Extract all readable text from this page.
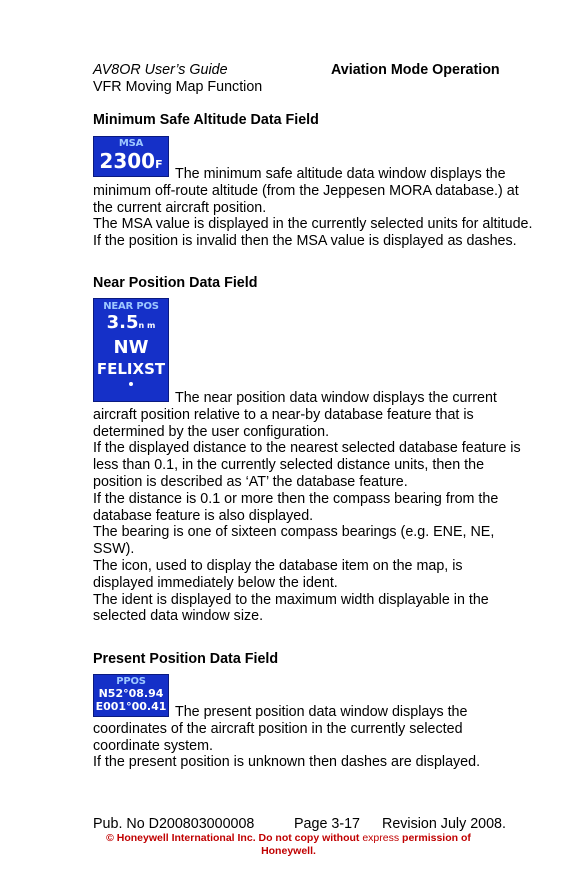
AV8OR User’s Guide	Aviation Mode Operation
VFR Moving Map Function
Minimum Safe Altitude Data Field
MSA
2300F
The minimum safe altitude data window displays the
minimum off-route altitude (from the Jeppesen MORA database.) at
the current aircraft position.
The MSA value is displayed in the currently selected units for altitude.
If the position is invalid then the MSA value is displayed as dashes.
Near Position Data Field
NEAR POS
3.5n m
NW
FELIXST
The near position data window displays the current
aircraft position relative to a near-by database feature that is
determined by the user configuration.
If the displayed distance to the nearest selected database feature is
less than 0.1, in the currently selected distance units, then the
position is described as ‘AT’ the database feature.
If the distance is 0.1 or more then the compass bearing from the
database feature is also displayed.
The bearing is one of sixteen compass bearings (e.g. ENE, NE,
SSW).
The icon, used to display the database item on the map, is
displayed immediately below the ident.
The ident is displayed to the maximum width displayable in the
selected data window size.
Present Position Data Field
PPOS
N52°08.94
E001°00.41 The present position data window displays the
coordinates of the aircraft position in the currently selected
coordinate system.
If the present position is unknown then dashes are displayed.
Pub. No D200803000008	Page 3-17 Revision July 2008.
© Honeywell International Inc. Do not copy without express permission of
Honeywell.
